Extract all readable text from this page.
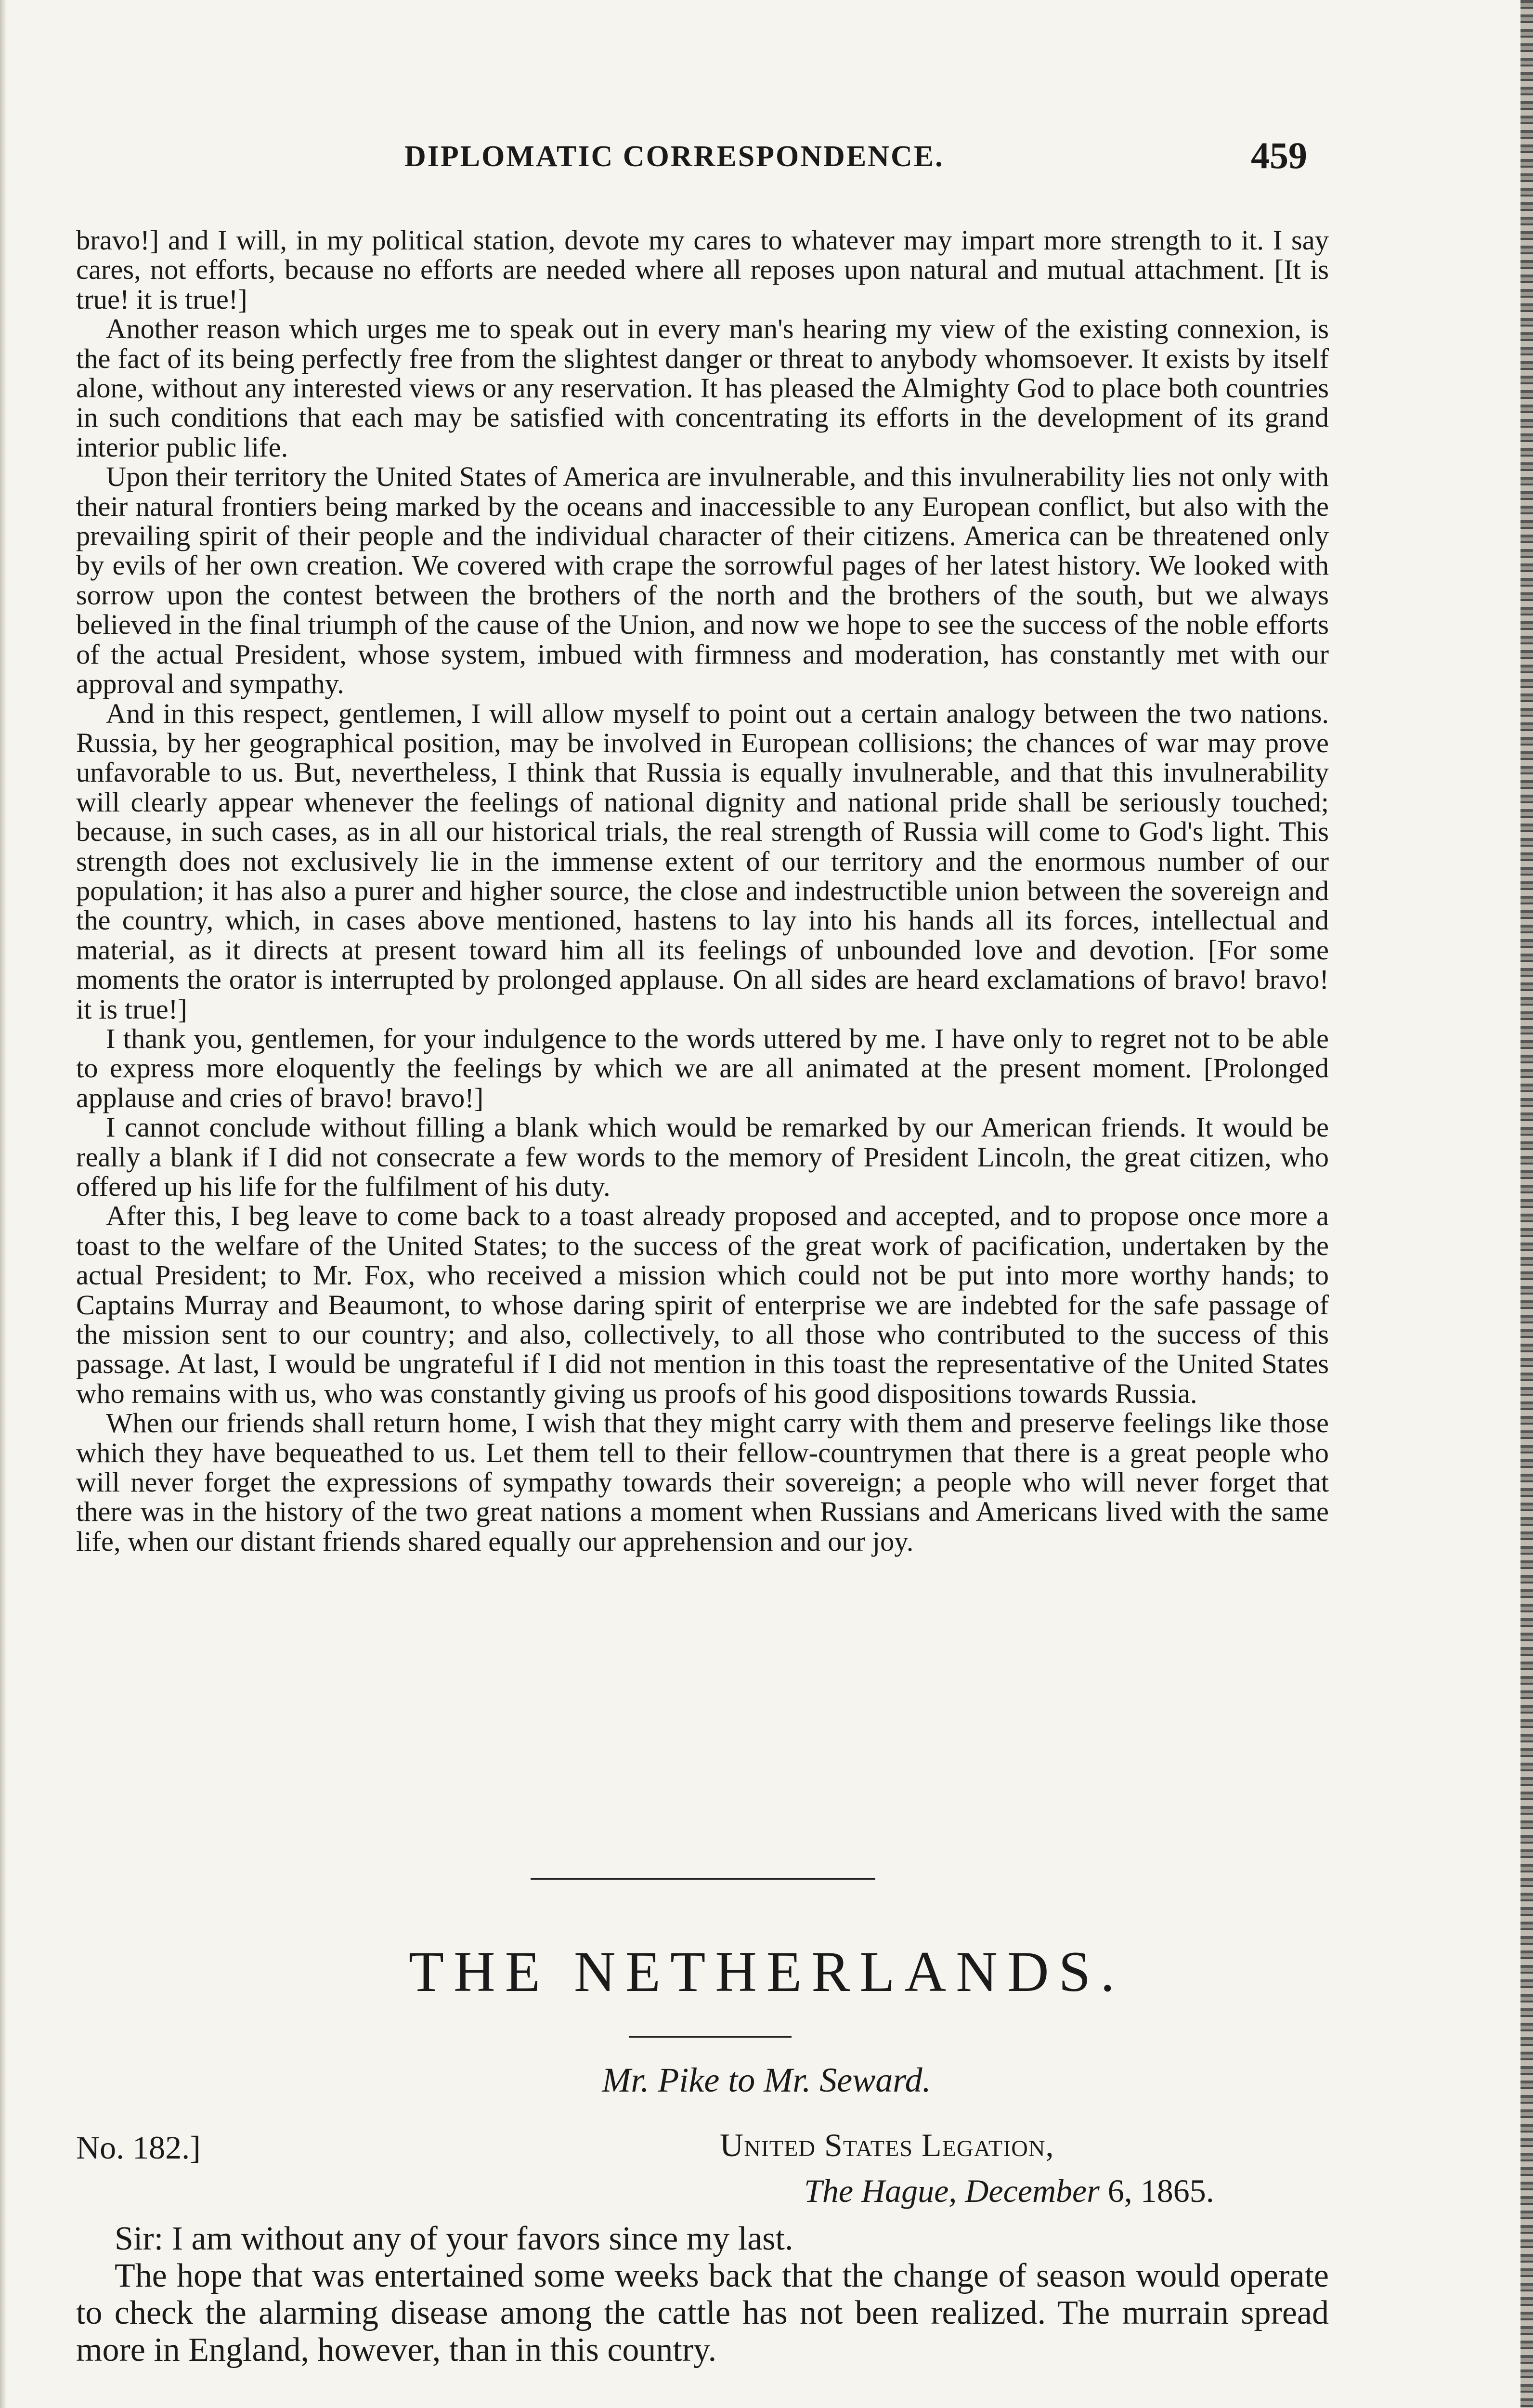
DIPLOMATIC CORRESPONDENCE.	459

bravo!] and I will, in my political station, devote my cares to whatever may impart more strength to it. I say cares, not efforts, because no efforts are needed where all reposes upon natural and mutual attachment. [It is true! it is true!]

Another reason which urges me to speak out in every man's hearing my view of the existing connexion, is the fact of its being perfectly free from the slightest danger or threat to anybody whomsoever. It exists by itself alone, without any interested views or any reservation. It has pleased the Almighty God to place both countries in such conditions that each may be satisfied with concentrating its efforts in the development of its grand interior public life.

Upon their territory the United States of America are invulnerable, and this invulnerability lies not only with their natural frontiers being marked by the oceans and inaccessible to any European conflict, but also with the prevailing spirit of their people and the individual character of their citizens. America can be threatened only by evils of her own creation. We covered with crape the sorrowful pages of her latest history. We looked with sorrow upon the contest between the brothers of the north and the brothers of the south, but we always believed in the final triumph of the cause of the Union, and now we hope to see the success of the noble efforts of the actual President, whose system, imbued with firmness and moderation, has constantly met with our approval and sympathy.

And in this respect, gentlemen, I will allow myself to point out a certain analogy between the two nations. Russia, by her geographical position, may be involved in European collisions; the chances of war may prove unfavorable to us. But, nevertheless, I think that Russia is equally invulnerable, and that this invulnerability will clearly appear whenever the feelings of national dignity and national pride shall be seriously touched; because, in such cases, as in all our historical trials, the real strength of Russia will come to God's light. This strength does not exclusively lie in the immense extent of our territory and the enormous number of our population; it has also a purer and higher source, the close and indestructible union between the sovereign and the country, which, in cases above mentioned, hastens to lay into his hands all its forces, intellectual and material, as it directs at present toward him all its feelings of unbounded love and devotion. [For some moments the orator is interrupted by prolonged applause. On all sides are heard exclamations of bravo! bravo! it is true!]

I thank you, gentlemen, for your indulgence to the words uttered by me. I have only to regret not to be able to express more eloquently the feelings by which we are all animated at the present moment. [Prolonged applause and cries of bravo! bravo!]

I cannot conclude without filling a blank which would be remarked by our American friends. It would be really a blank if I did not consecrate a few words to the memory of President Lincoln, the great citizen, who offered up his life for the fulfilment of his duty.

After this, I beg leave to come back to a toast already proposed and accepted, and to propose once more a toast to the welfare of the United States; to the success of the great work of pacification, undertaken by the actual President; to Mr. Fox, who received a mission which could not be put into more worthy hands; to Captains Murray and Beaumont, to whose daring spirit of enterprise we are indebted for the safe passage of the mission sent to our country; and also, collectively, to all those who contributed to the success of this passage. At last, I would be ungrateful if I did not mention in this toast the representative of the United States who remains with us, who was constantly giving us proofs of his good dispositions towards Russia.

When our friends shall return home, I wish that they might carry with them and preserve feelings like those which they have bequeathed to us. Let them tell to their fellow-countrymen that there is a great people who will never forget the expressions of sympathy towards their sovereign; a people who will never forget that there was in the history of the two great nations a moment when Russians and Americans lived with the same life, when our distant friends shared equally our apprehension and our joy.

THE NETHERLANDS.
Mr. Pike to Mr. Seward.
No. 182.]	United States Legation,
The Hague, December 6, 1865.

Sir: I am without any of your favors since my last.

The hope that was entertained some weeks back that the change of season would operate to check the alarming disease among the cattle has not been realized. The murrain spread more in England, however, than in this country.
